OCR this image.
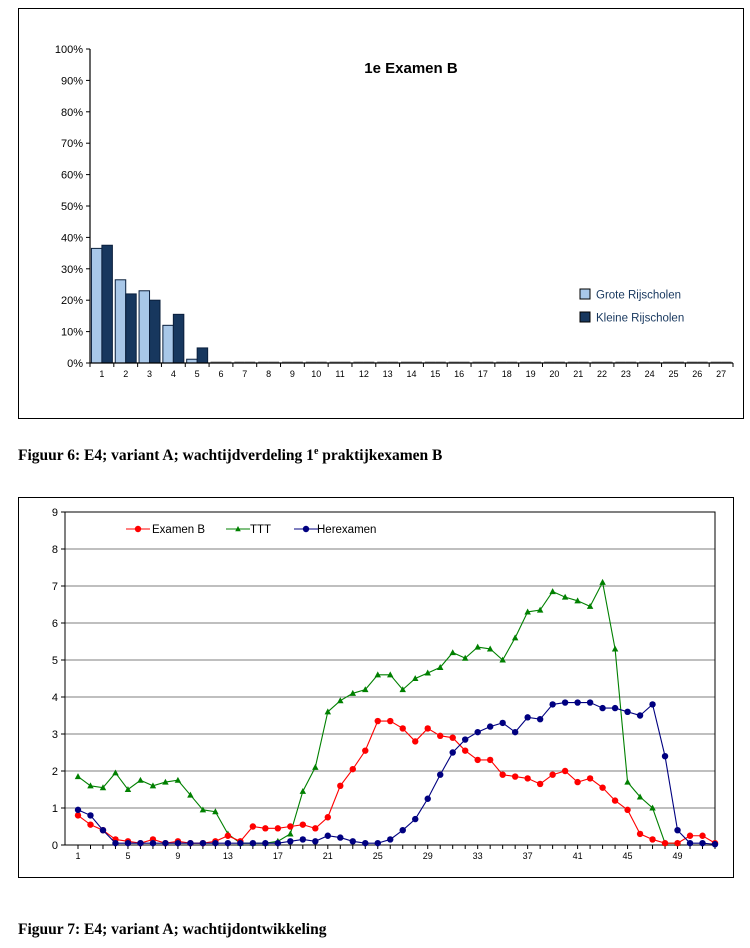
0%
10%
20%
30%
40%
50%
60%
70%
80%
90%
100%
1 2 3 4 5 6 7 8 9 10 11 12 13 14 15 16 17 18 19 20 21 22 23 24 25 26 27
1e Examen B
Grote Rijscholen
Kleine Rijscholen

Figuur 6: E4; variant A; wachtijdverdeling 1e praktijkexamen B

0
1
2
3
4
5
6
7
8
9
1	5	9	13	17	21	25	29	33	37	41	45	49
Examen B	TTT	Herexamen

Figuur 7: E4; variant A; wachtijdontwikkeling
